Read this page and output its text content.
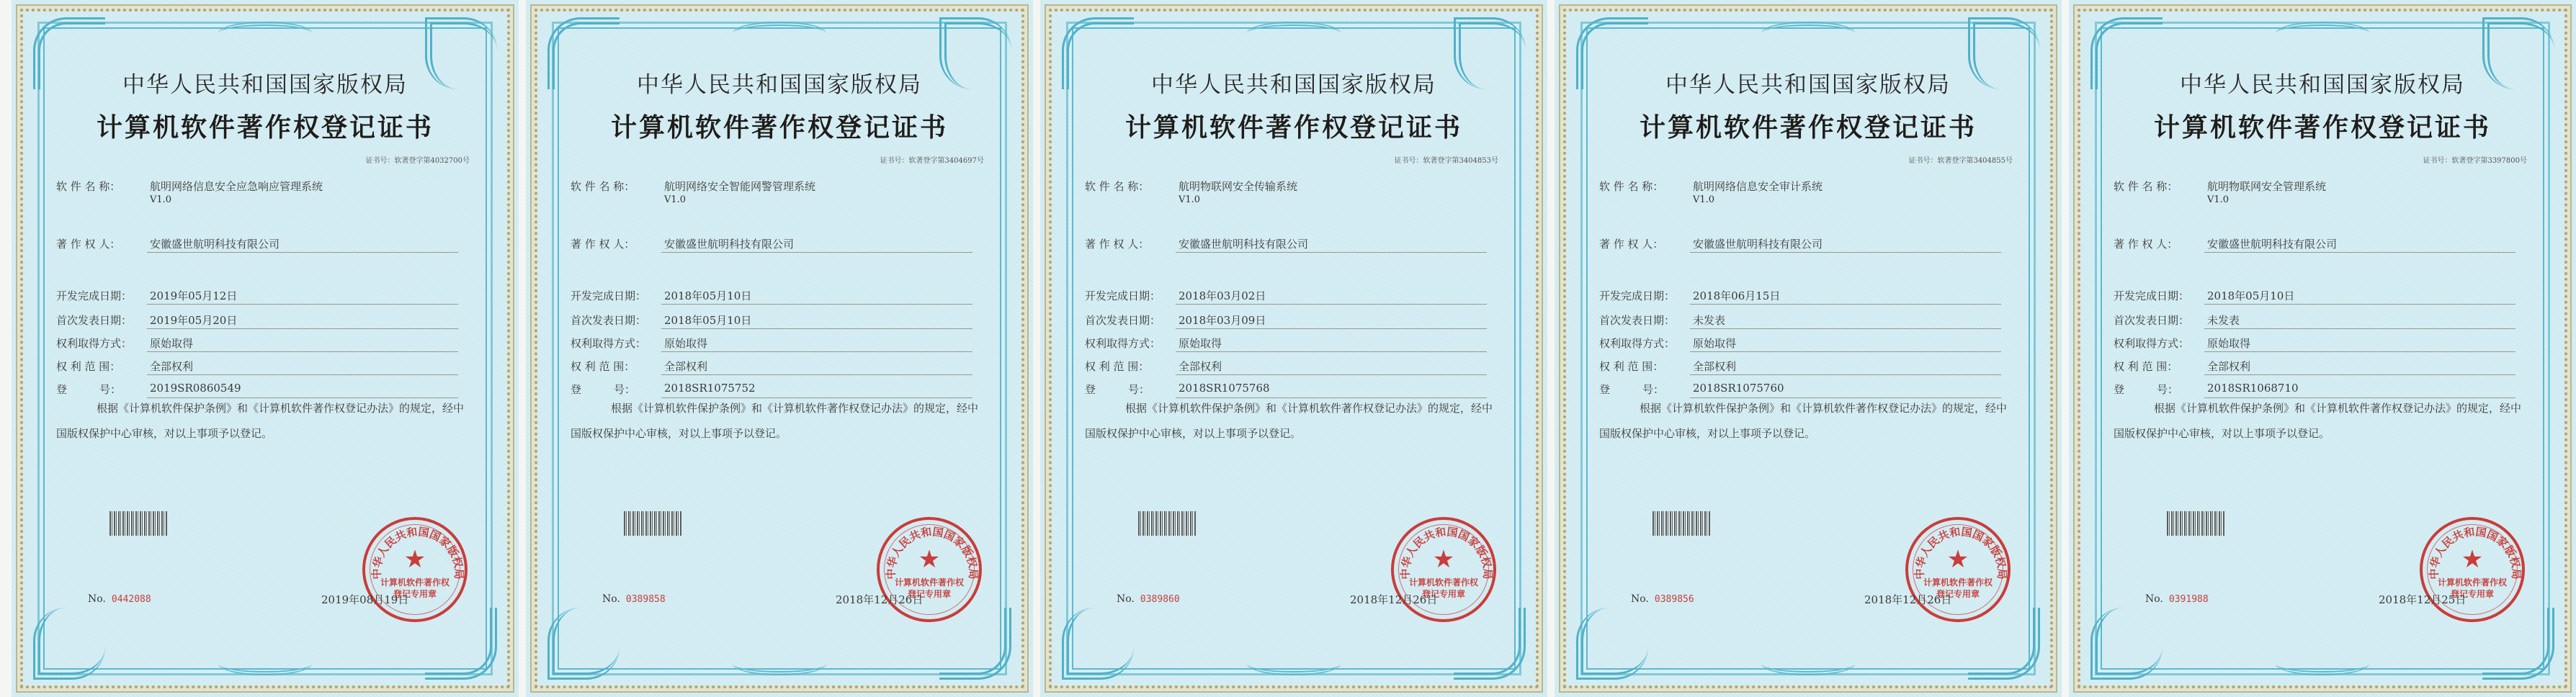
中华人民共和国国家版权局
计算机软件著作权登记证书
证书号：软著登字第4032700号
软 件 名 称：	航明网络信息安全应急响应管理系统
V1.0
著 作 权 人：	安徽盛世航明科技有限公司
开发完成日期： 2019年05月12日
首次发表日期： 2019年05月20日
权利取得方式： 原始取得
权 利 范 围：	全部权利
登　　　号：	2019SR0860549
根据《计算机软件保护条例》和《计算机软件著作权登记办法》的规定，经中国版权保护中心审核，对以上事项予以登记。
中华人民共和国国家版权局
★
计算机软件著作权
登记专用章
No. 0442088	2019年08月19日
中华人民共和国国家版权局
计算机软件著作权登记证书
证书号：软著登字第3404697号
软 件 名 称：	航明网络安全智能网警管理系统
V1.0
著 作 权 人：	安徽盛世航明科技有限公司
开发完成日期： 2018年05月10日
首次发表日期： 2018年05月10日
权利取得方式： 原始取得
权 利 范 围：	全部权利
登　　　号：	2018SR1075752
根据《计算机软件保护条例》和《计算机软件著作权登记办法》的规定，经中国版权保护中心审核，对以上事项予以登记。
中华人民共和国国家版权局
★
计算机软件著作权
登记专用章
No. 0389858	2018年12月26日
中华人民共和国国家版权局
计算机软件著作权登记证书
证书号：软著登字第3404853号
软 件 名 称：	航明物联网安全传输系统
V1.0
著 作 权 人：	安徽盛世航明科技有限公司
开发完成日期： 2018年03月02日
首次发表日期： 2018年03月09日
权利取得方式： 原始取得
权 利 范 围：	全部权利
登　　　号：	2018SR1075768
根据《计算机软件保护条例》和《计算机软件著作权登记办法》的规定，经中国版权保护中心审核，对以上事项予以登记。
中华人民共和国国家版权局
★
计算机软件著作权
登记专用章
No. 0389860	2018年12月26日
中华人民共和国国家版权局
计算机软件著作权登记证书
证书号：软著登字第3404855号
软 件 名 称：	航明网络信息安全审计系统
V1.0
著 作 权 人：	安徽盛世航明科技有限公司
开发完成日期： 2018年06月15日
首次发表日期： 未发表
权利取得方式： 原始取得
权 利 范 围：	全部权利
登　　　号：	2018SR1075760
根据《计算机软件保护条例》和《计算机软件著作权登记办法》的规定，经中国版权保护中心审核，对以上事项予以登记。
中华人民共和国国家版权局
★
计算机软件著作权
登记专用章
No. 0389856	2018年12月26日
中华人民共和国国家版权局
计算机软件著作权登记证书
证书号：软著登字第3397800号
软 件 名 称：	航明物联网安全管理系统
V1.0
著 作 权 人：	安徽盛世航明科技有限公司
开发完成日期： 2018年05月10日
首次发表日期： 未发表
权利取得方式： 原始取得
权 利 范 围：	全部权利
登　　　号：	2018SR1068710
根据《计算机软件保护条例》和《计算机软件著作权登记办法》的规定，经中国版权保护中心审核，对以上事项予以登记。
中华人民共和国国家版权局
★
计算机软件著作权
登记专用章
No. 0391988	2018年12月25日
